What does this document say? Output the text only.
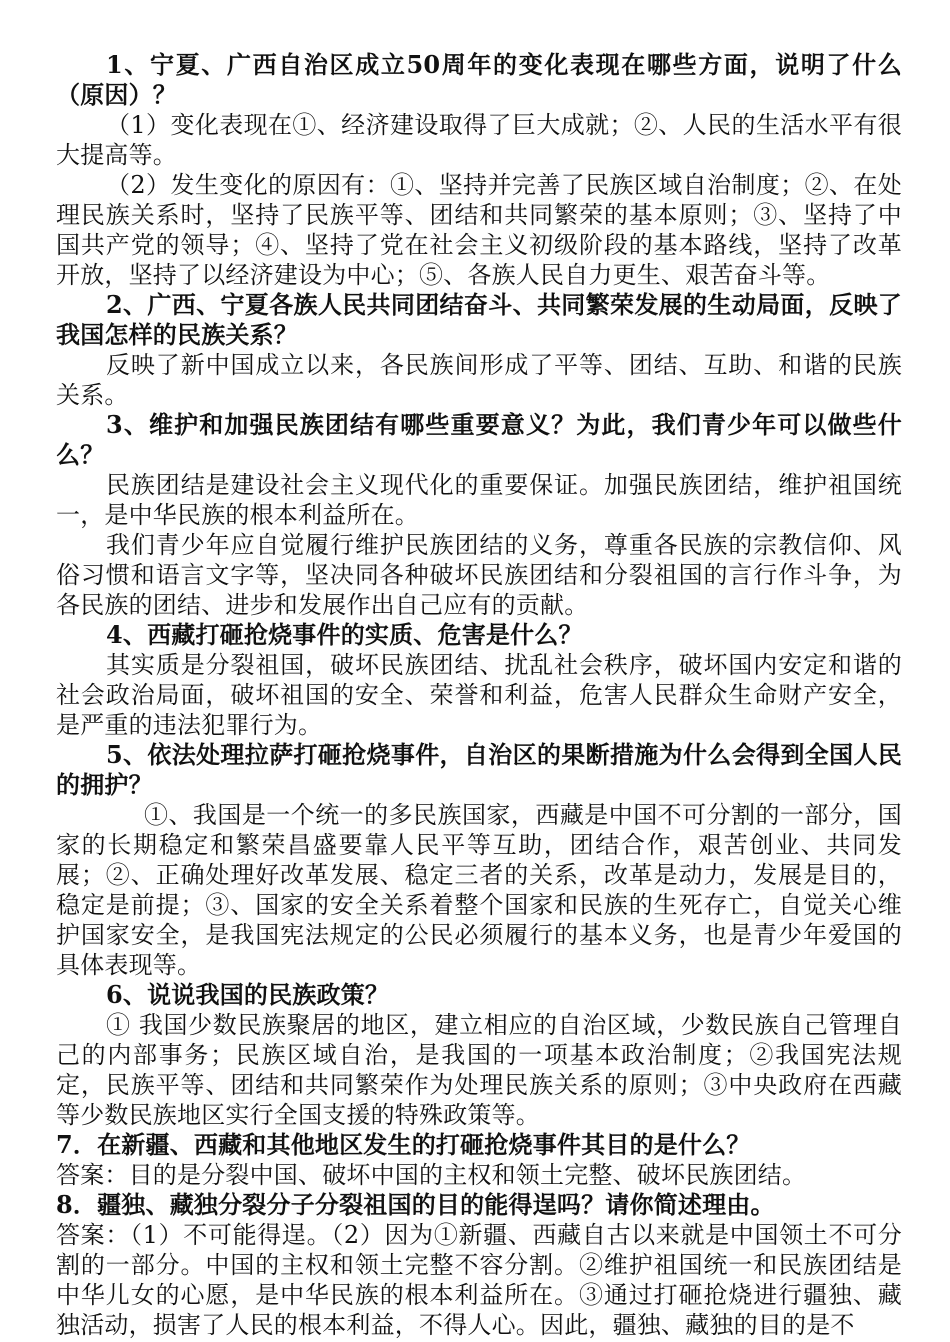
1、宁夏、广西自治区成立50周年的变化表现在哪些方面，说明了什么（原因）？

（1）变化表现在①、经济建设取得了巨大成就；②、人民的生活水平有很大提高等。

（2）发生变化的原因有：①、坚持并完善了民族区域自治制度；②、在处理民族关系时，坚持了民族平等、团结和共同繁荣的基本原则；③、坚持了中国共产党的领导；④、坚持了党在社会主义初级阶段的基本路线，坚持了改革开放，坚持了以经济建设为中心；⑤、各族人民自力更生、艰苦奋斗等。

2、广西、宁夏各族人民共同团结奋斗、共同繁荣发展的生动局面，反映了我国怎样的民族关系？

反映了新中国成立以来，各民族间形成了平等、团结、互助、和谐的民族关系。

3、维护和加强民族团结有哪些重要意义？为此，我们青少年可以做些什么？

民族团结是建设社会主义现代化的重要保证。加强民族团结，维护祖国统一，是中华民族的根本利益所在。

我们青少年应自觉履行维护民族团结的义务，尊重各民族的宗教信仰、风俗习惯和语言文字等，坚决同各种破坏民族团结和分裂祖国的言行作斗争，为各民族的团结、进步和发展作出自己应有的贡献。

4、西藏打砸抢烧事件的实质、危害是什么？

其实质是分裂祖国，破坏民族团结、扰乱社会秩序，破坏国内安定和谐的社会政治局面，破坏祖国的安全、荣誉和利益，危害人民群众生命财产安全，是严重的违法犯罪行为。

5、依法处理拉萨打砸抢烧事件，自治区的果断措施为什么会得到全国人民的拥护？

①、我国是一个统一的多民族国家，西藏是中国不可分割的一部分，国家的长期稳定和繁荣昌盛要靠人民平等互助，团结合作，艰苦创业、共同发展；②、正确处理好改革发展、稳定三者的关系，改革是动力，发展是目的，稳定是前提；③、国家的安全关系着整个国家和民族的生死存亡，自觉关心维护国家安全，是我国宪法规定的公民必须履行的基本义务，也是青少年爱国的具体表现等。

6、说说我国的民族政策？

① 我国少数民族聚居的地区，建立相应的自治区域，少数民族自己管理自己的内部事务；民族区域自治，是我国的一项基本政治制度；②我国宪法规定，民族平等、团结和共同繁荣作为处理民族关系的原则；③中央政府在西藏等少数民族地区实行全国支援的特殊政策等。

7．在新疆、西藏和其他地区发生的打砸抢烧事件其目的是什么？

答案：目的是分裂中国、破坏中国的主权和领土完整、破坏民族团结。

8．疆独、藏独分裂分子分裂祖国的目的能得逞吗？请你简述理由。

答案：（1）不可能得逞。（2）因为①新疆、西藏自古以来就是中国领土不可分割的一部分。中国的主权和领土完整不容分割。②维护祖国统一和民族团结是中华儿女的心愿，是中华民族的根本利益所在。③通过打砸抢烧进行疆独、藏独活动，损害了人民的根本利益，不得人心。因此，疆独、藏独的目的是不
